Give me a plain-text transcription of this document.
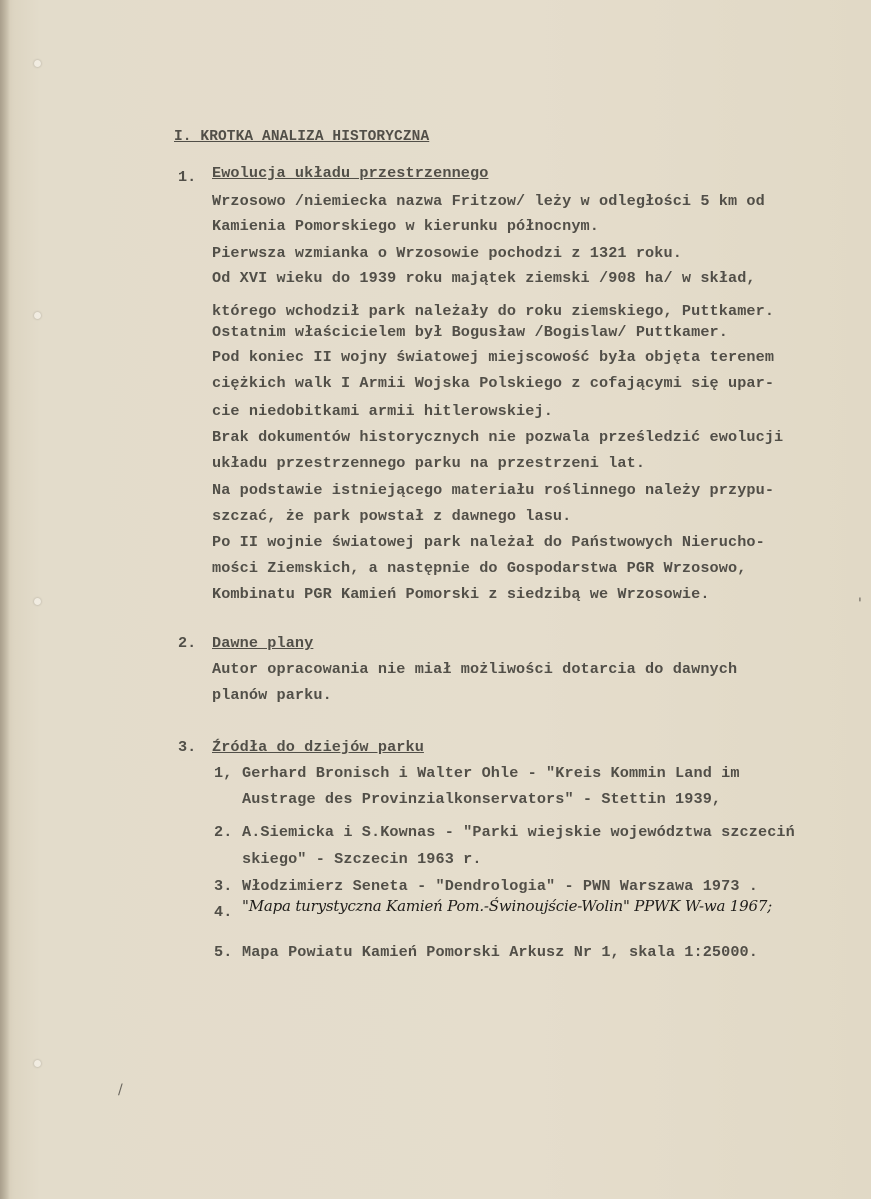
I. KROTKA ANALIZA HISTORYCZNA
1. Ewolucja układu przestrzennego
Wrzosowo /niemiecka nazwa Fritzow/ leży w odległości 5 km od
Kamienia Pomorskiego w kierunku północnym.
Pierwsza wzmianka o Wrzosowie pochodzi z 1321 roku.
Od XVI wieku do 1939 roku majątek ziemski /908 ha/ w skład,
którego wchodził park należały do roku ziemskiego, Puttkamer.
Ostatnim właścicielem był Bogusław /Bogislaw/ Puttkamer.
Pod koniec II wojny światowej miejscowość była objęta terenem
ciężkich walk I Armii Wojska Polskiego z cofającymi się upar-
cie niedobitkami armii hitlerowskiej.
Brak dokumentów historycznych nie pozwala prześledzić ewolucji
układu przestrzennego parku na przestrzeni lat.
Na podstawie istniejącego materiału roślinnego należy przypu-
szczać, że park powstał z dawnego lasu.
Po II wojnie światowej park należał do Państwowych Nierucho-
mości Ziemskich, a następnie do Gospodarstwa PGR Wrzosowo,
Kombinatu PGR Kamień Pomorski z siedzibą we Wrzosowie.
2. Dawne plany
Autor opracowania nie miał możliwości dotarcia do dawnych
planów parku.
3. Źródła do dziejów parku
1, Gerhard Bronisch i Walter Ohle - "Kreis Kommin Land im
Austrage des Provinzialkonservators" - Stettin 1939,
2. A.Siemicka i S.Kownas - "Parki wiejskie województwa szczeciń
skiego" - Szczecin 1963 r.
3. Włodzimierz Seneta - "Dendrologia" - PWN Warszawa 1973 .
4. "Mapa turystyczna Kamień Pom.-Świnoujście-Wolin" PPWK W-wa 1967;
5. Mapa Powiatu Kamień Pomorski Arkusz Nr 1, skala 1:25000.
'
/
